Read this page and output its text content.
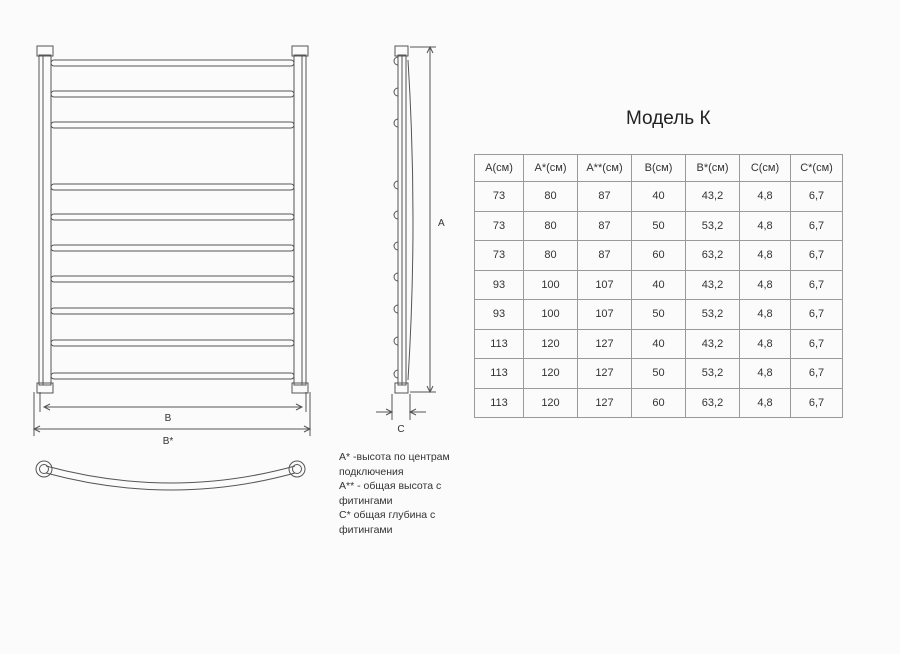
B
B*
A
C
Модель К
А(см)	А*(см)	А**(см)	В(см)	В*(см)	С(см)	С*(см)
73	80	87	40	43,2	4,8	6,7
73	80	87	50	53,2	4,8	6,7
73	80	87	60	63,2	4,8	6,7
93	100	107	40	43,2	4,8	6,7
93	100	107	50	53,2	4,8	6,7
113	120	127	40	43,2	4,8	6,7
113	120	127	50	53,2	4,8	6,7
113	120	127	60	63,2	4,8	6,7
А* -высота по центрам подключения
А** - общая высота с фитингами
С* общая глубина с фитингами
